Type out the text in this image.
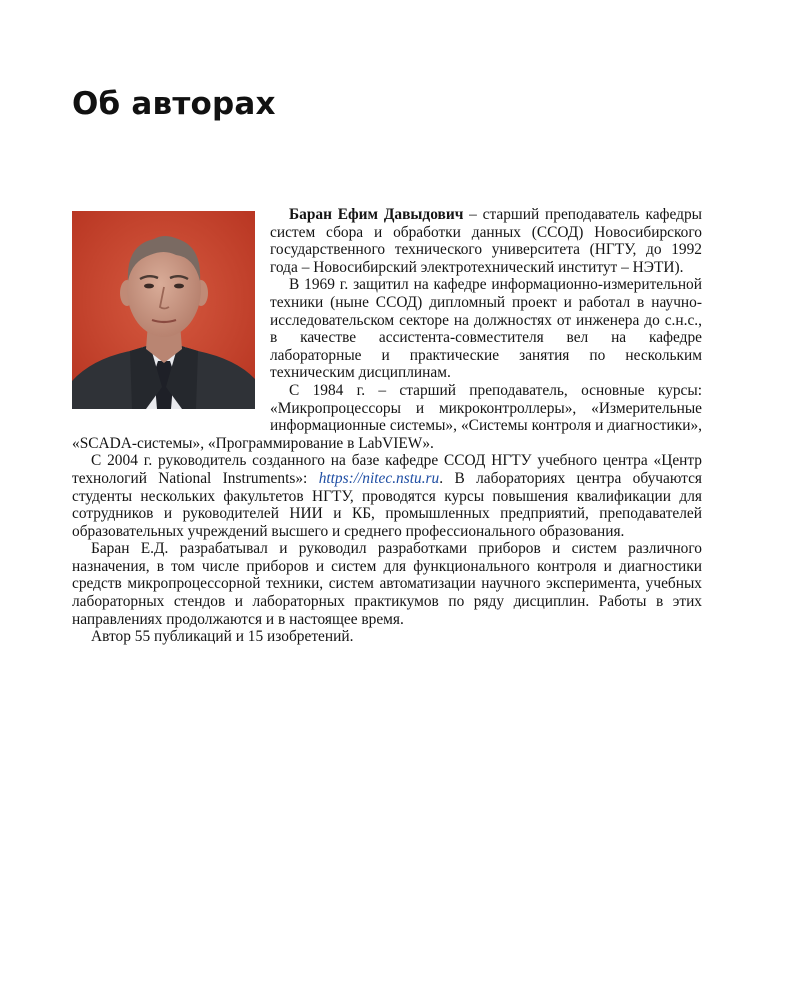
Об авторах

Баран Ефим Давыдович – старший преподаватель кафедры систем сбора и обработки данных (ССОД) Новосибирского государственного технического университета (НГТУ, до 1992 года – Новосибирский электротехнический институт – НЭТИ).

В 1969 г. защитил на кафедре информационно-измерительной техники (ныне ССОД) дипломный проект и работал в научно-исследовательском секторе на должностях от инженера до с.н.с., в качестве ассистента-совместителя вел на кафедре лабораторные и практические занятия по нескольким техническим дисциплинам.

С 1984 г. – старший преподаватель, основные курсы: «Микропроцессоры и микроконтроллеры», «Измерительные информационные системы», «Системы контроля и диагностики», «SCADA-системы», «Программирование в LabVIEW».

С 2004 г. руководитель созданного на базе кафедре ССОД НГТУ учебного центра «Центр технологий National Instruments»: https://nitec.nstu.ru. В лабораториях центра обучаются студенты нескольких факультетов НГТУ, проводятся курсы повышения квалификации для сотрудников и руководителей НИИ и КБ, промышленных предприятий, преподавателей образовательных учреждений высшего и среднего профессионального образования.

Баран Е.Д. разрабатывал и руководил разработками приборов и систем различного назначения, в том числе приборов и систем для функционального контроля и диагностики средств микропроцессорной техники, систем автоматизации научного эксперимента, учебных лабораторных стендов и лабораторных практикумов по ряду дисциплин. Работы в этих направлениях продолжаются и в настоящее время.

Автор 55 публикаций и 15 изобретений.
